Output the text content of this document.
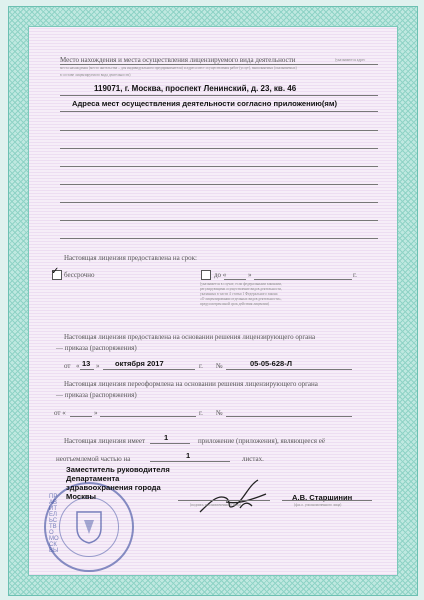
Место нахождения и места осуществления лицензируемого вида деятельности	(указываются адрес
места нахождения (место жительства – для индивидуального предпринимателя) и адреса мест осуществления работ (услуг), выполняемых (оказываемых)
в составе лицензируемого вида деятельности)
119071, г. Москва, проспект Ленинский, д. 23, кв. 46
Адреса мест осуществления деятельности согласно приложению(ям)
Настоящая лицензия предоставлена на срок:
✓ бессрочно	до «	»	г.
(указывается в случае, если федеральными законами,
регулирующими осуществление видов деятельности,
указанных в части 4 статьи 1 Федерального закона
«О лицензировании отдельных видов деятельности»,
предусмотрен иной срок действия лицензии)
Настоящая лицензия предоставлена на основании решения лицензирующего органа
— приказа (распоряжения)
от « 13 » октября 2017	г. №	05-05-628-Л
Настоящая лицензия переоформлена на основании решения лицензирующего органа
— приказа (распоряжения)
от «	»	г. №
Настоящая лицензия имеет	1	приложение (приложения), являющееся её
неотъемлемой частью на	1	листах.
ПРАВИТЕЛЬСТВО МОСКВЫ
Заместитель руководителя
Департамента
здравоохранения города
Москвы
(подпись уполномоченного лица)
А.В. Старшинин
(ф.и.о. уполномоченного лица)
